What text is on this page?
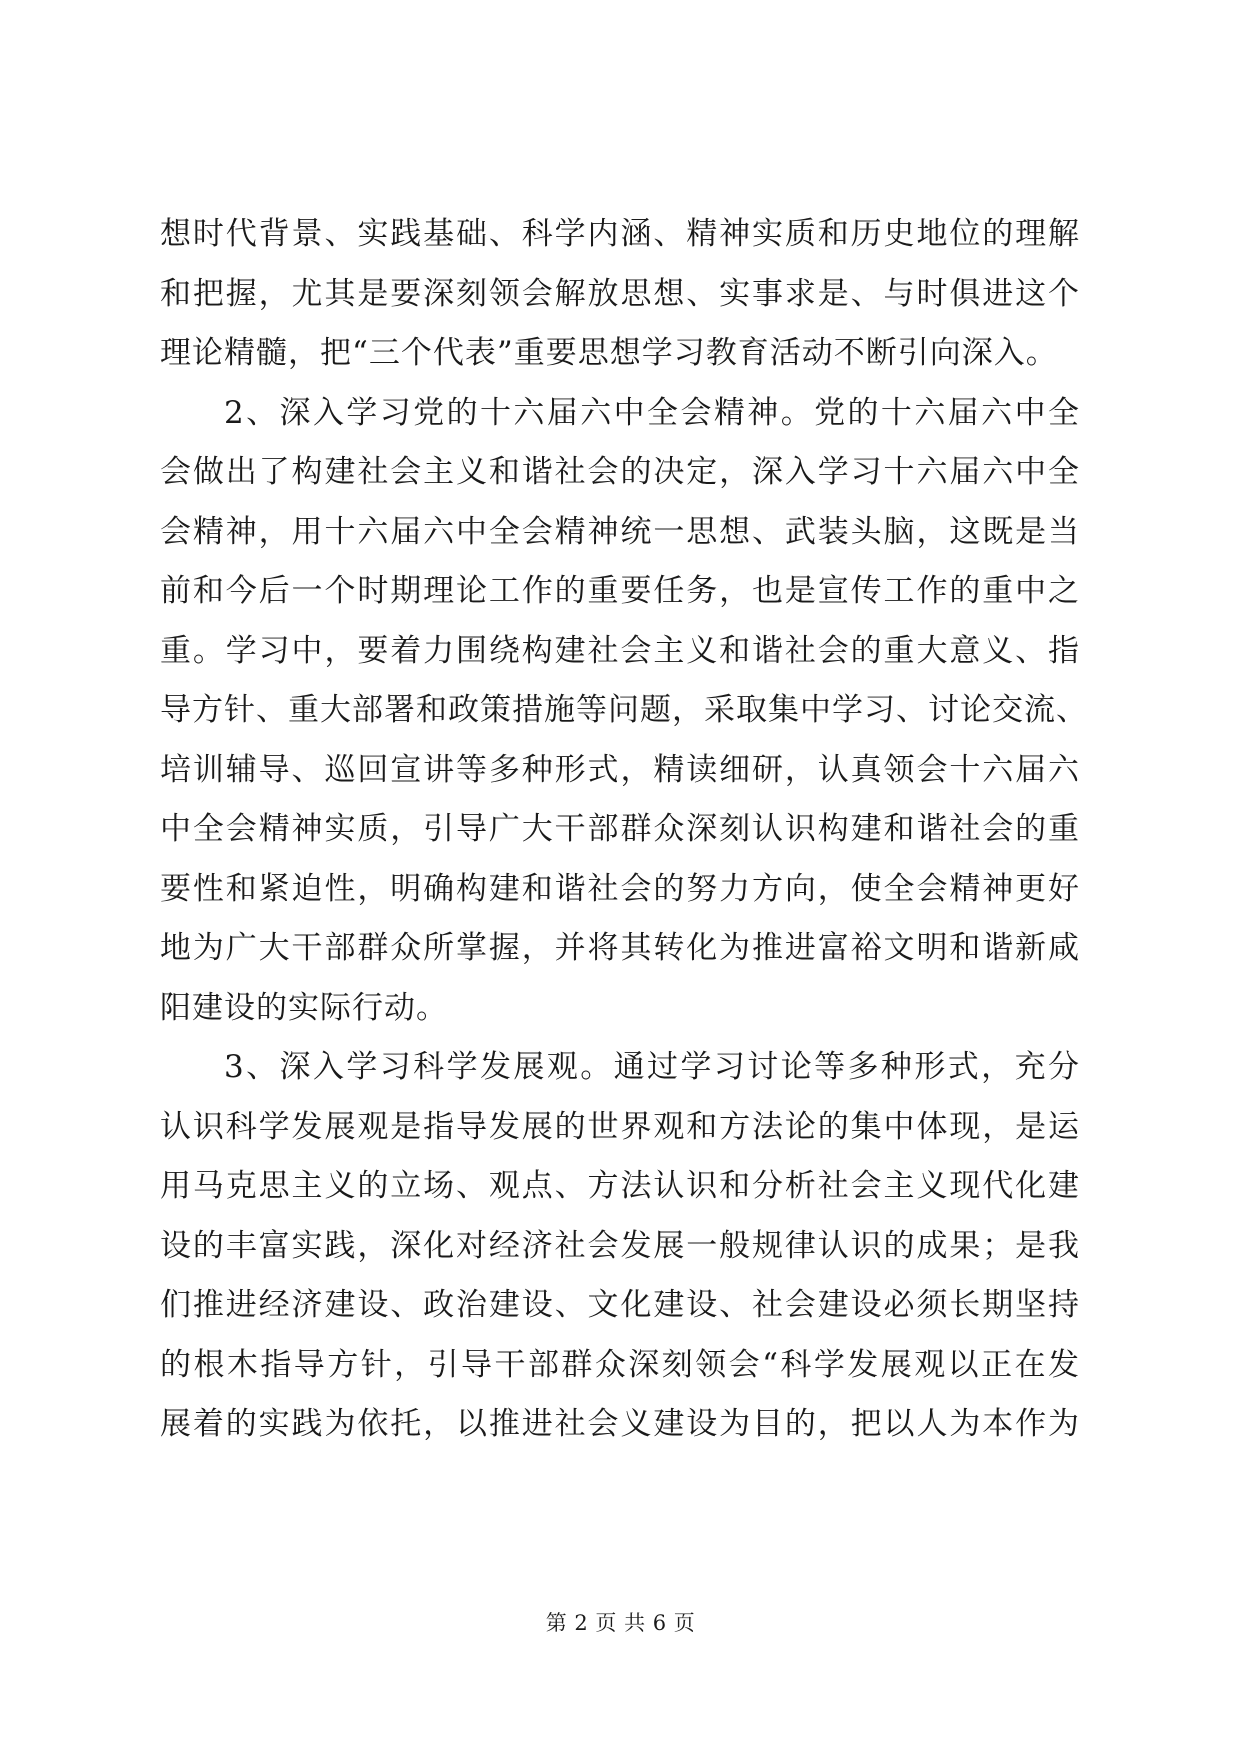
想时代背景、实践基础、科学内涵、精神实质和历史地位的理解
和把握，尤其是要深刻领会解放思想、实事求是、与时俱进这个
理论精髓，把“三个代表”重要思想学习教育活动不断引向深入。
2、深入学习党的十六届六中全会精神。党的十六届六中全
会做出了构建社会主义和谐社会的决定，深入学习十六届六中全
会精神，用十六届六中全会精神统一思想、武装头脑，这既是当
前和今后一个时期理论工作的重要任务，也是宣传工作的重中之
重。学习中，要着力围绕构建社会主义和谐社会的重大意义、指
导方针、重大部署和政策措施等问题，采取集中学习、讨论交流、
培训辅导、巡回宣讲等多种形式，精读细研，认真领会十六届六
中全会精神实质，引导广大干部群众深刻认识构建和谐社会的重
要性和紧迫性，明确构建和谐社会的努力方向，使全会精神更好
地为广大干部群众所掌握，并将其转化为推进富裕文明和谐新咸
阳建设的实际行动。
3、深入学习科学发展观。通过学习讨论等多种形式，充分
认识科学发展观是指导发展的世界观和方法论的集中体现，是运
用马克思主义的立场、观点、方法认识和分析社会主义现代化建
设的丰富实践，深化对经济社会发展一般规律认识的成果；是我
们推进经济建设、政治建设、文化建设、社会建设必须长期坚持
的根木指导方针，引导干部群众深刻领会“科学发展观以正在发
展着的实践为依托，以推进社会义建设为目的，把以人为本作为
第 2 页 共 6 页
